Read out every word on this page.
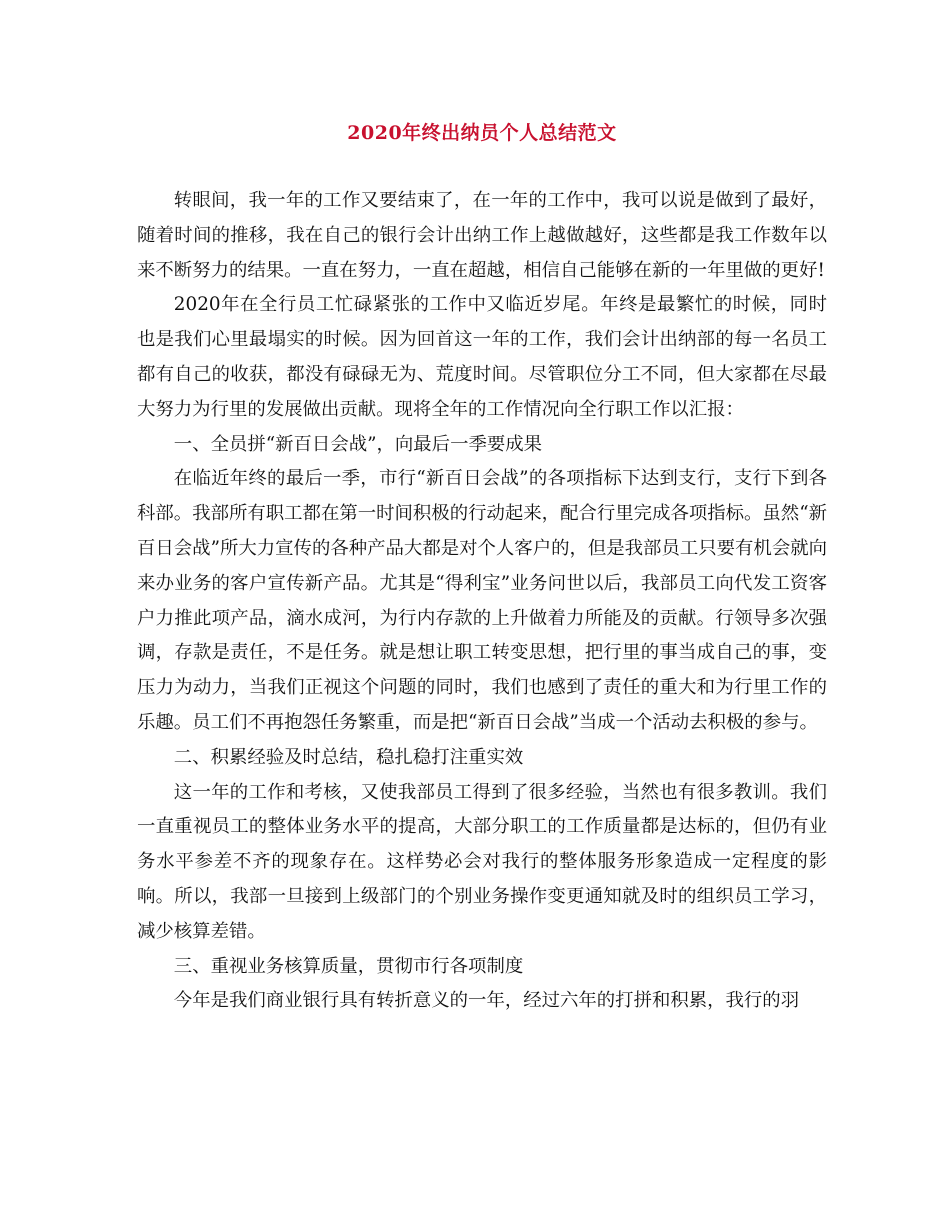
2020年终出纳员个人总结范文

转眼间，我一年的工作又要结束了，在一年的工作中，我可以说是做到了最好，随着时间的推移，我在自己的银行会计出纳工作上越做越好，这些都是我工作数年以来不断努力的结果。一直在努力，一直在超越，相信自己能够在新的一年里做的更好!

2020年在全行员工忙碌紧张的工作中又临近岁尾。年终是最繁忙的时候，同时也是我们心里最塌实的时候。因为回首这一年的工作，我们会计出纳部的每一名员工都有自己的收获，都没有碌碌无为、荒度时间。尽管职位分工不同，但大家都在尽最大努力为行里的发展做出贡献。现将全年的工作情况向全行职工作以汇报：

一、全员拼“新百日会战”，向最后一季要成果

在临近年终的最后一季，市行“新百日会战”的各项指标下达到支行，支行下到各科部。我部所有职工都在第一时间积极的行动起来，配合行里完成各项指标。虽然“新百日会战”所大力宣传的各种产品大都是对个人客户的，但是我部员工只要有机会就向来办业务的客户宣传新产品。尤其是“得利宝”业务问世以后，我部员工向代发工资客户力推此项产品，滴水成河，为行内存款的上升做着力所能及的贡献。行领导多次强调，存款是责任，不是任务。就是想让职工转变思想，把行里的事当成自己的事，变压力为动力，当我们正视这个问题的同时，我们也感到了责任的重大和为行里工作的乐趣。员工们不再抱怨任务繁重，而是把“新百日会战”当成一个活动去积极的参与。

二、积累经验及时总结，稳扎稳打注重实效

这一年的工作和考核，又使我部员工得到了很多经验，当然也有很多教训。我们一直重视员工的整体业务水平的提高，大部分职工的工作质量都是达标的，但仍有业务水平参差不齐的现象存在。这样势必会对我行的整体服务形象造成一定程度的影响。所以，我部一旦接到上级部门的个别业务操作变更通知就及时的组织员工学习，减少核算差错。

三、重视业务核算质量，贯彻市行各项制度

今年是我们商业银行具有转折意义的一年，经过六年的打拼和积累，我行的羽
